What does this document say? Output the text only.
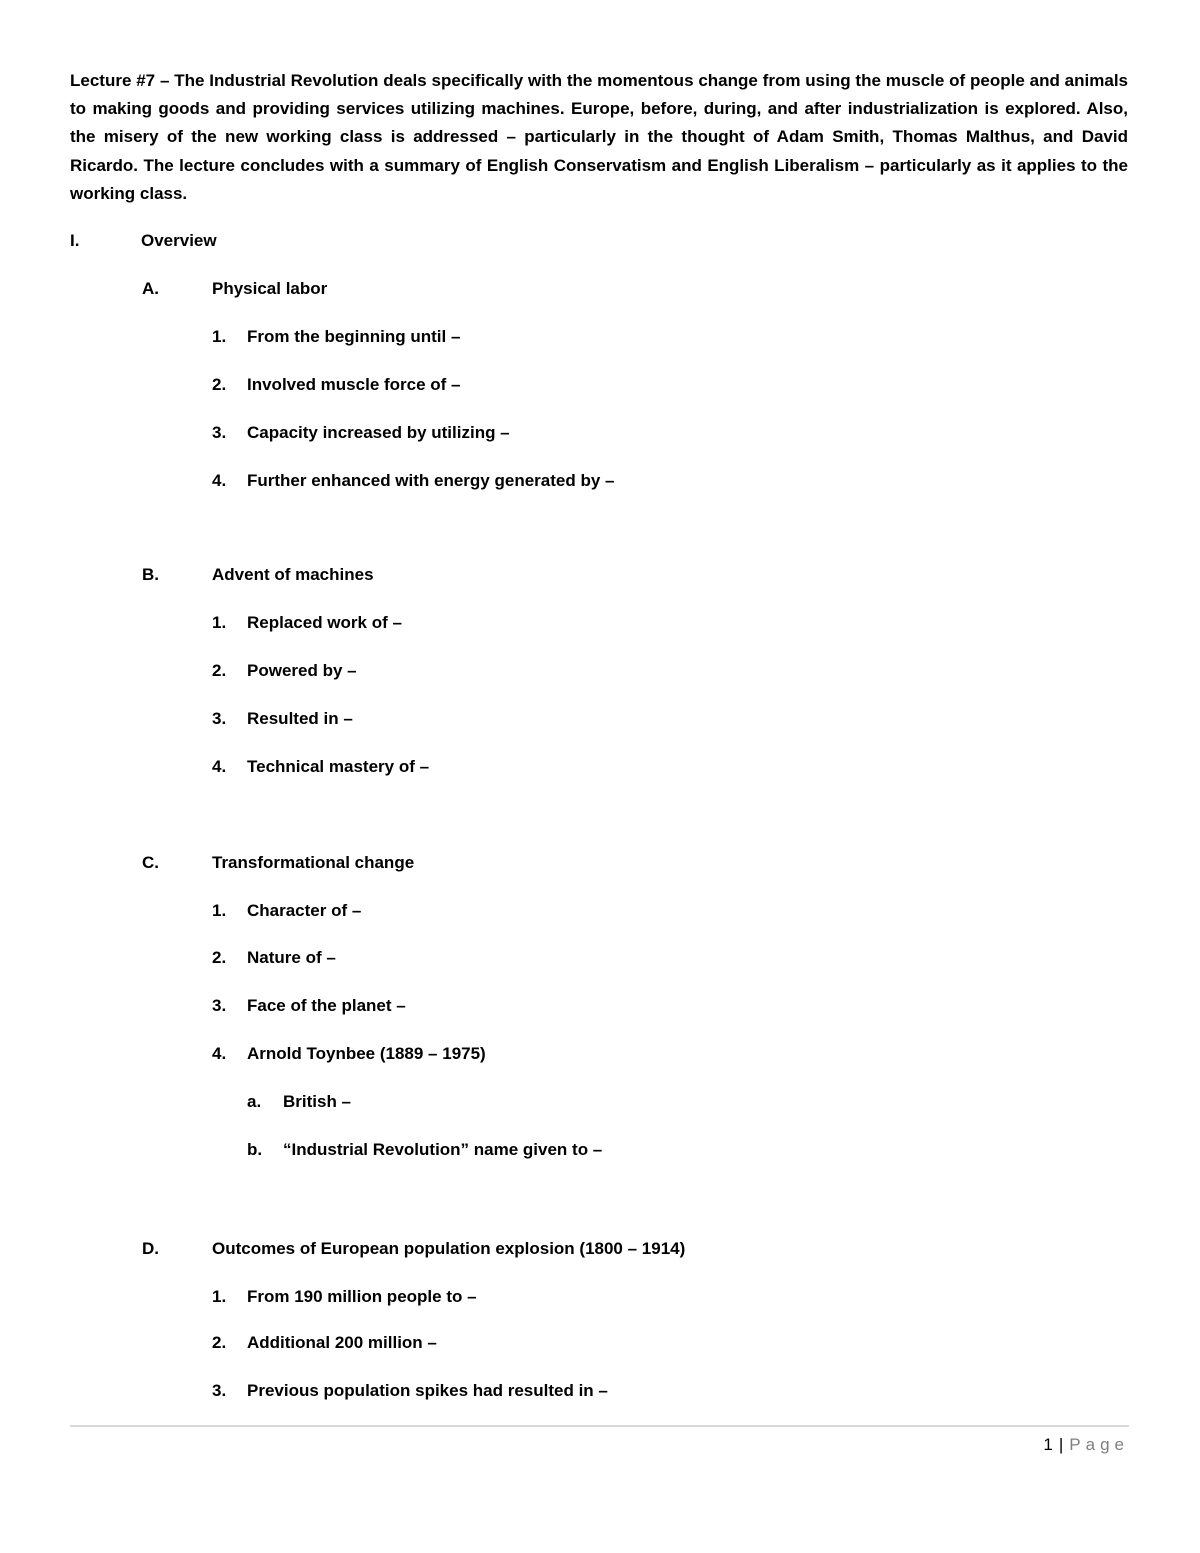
Lecture #7 – The Industrial Revolution deals specifically with the momentous change from using the muscle of people and animals to making goods and providing services utilizing machines. Europe, before, during, and after industrialization is explored. Also, the misery of the new working class is addressed – particularly in the thought of Adam Smith, Thomas Malthus, and David Ricardo. The lecture concludes with a summary of English Conservatism and English Liberalism – particularly as it applies to the working class.

I.	Overview
A.	Physical labor
1. From the beginning until –
2. Involved muscle force of –
3. Capacity increased by utilizing –
4. Further enhanced with energy generated by –
B.	Advent of machines
1. Replaced work of –
2. Powered by –
3. Resulted in –
4. Technical mastery of –
C.	Transformational change
1. Character of –
2. Nature of –
3. Face of the planet –
4. Arnold Toynbee (1889 – 1975)
a. British –
b. “Industrial Revolution” name given to –
D.	Outcomes of European population explosion (1800 – 1914)
1. From 190 million people to –
2. Additional 200 million –
3. Previous population spikes had resulted in –
1 | Page
